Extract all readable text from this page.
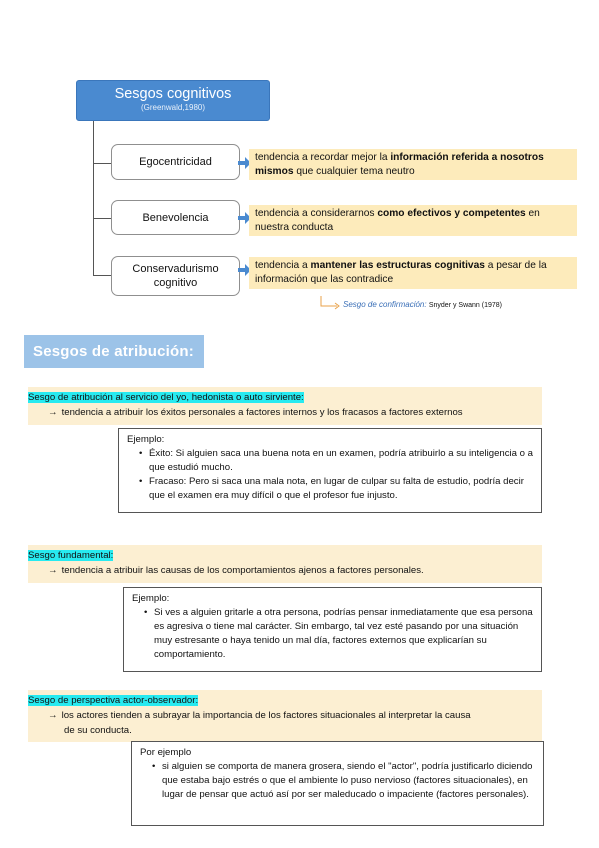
Sesgos cognitivos
(Greenwald,1980)
Egocentricidad	tendencia a recordar mejor la información referida a nosotros mismos que cualquier tema neutro
Benevolencia	tendencia a considerarnos como efectivos y competentes en nuestra conducta
Conservadurismo
cognitivo
tendencia a mantener las estructuras cognitivas a pesar de la información que las contradice
Sesgo de confirmación: Snyder y Swann (1978)
Sesgos de atribución:
Sesgo de atribución al servicio del yo, hedonista o auto sirviente:
→ tendencia a atribuir los éxitos personales a factores internos y los fracasos a factores externos
Ejemplo:
• Éxito: Si alguien saca una buena nota en un examen, podría atribuirlo a su inteligencia o a que estudió mucho.
• Fracaso: Pero si saca una mala nota, en lugar de culpar su falta de estudio, podría decir que el examen era muy difícil o que el profesor fue injusto.
Sesgo fundamental:
→ tendencia a atribuir las causas de los comportamientos ajenos a factores personales.
Ejemplo:
• Si ves a alguien gritarle a otra persona, podrías pensar inmediatamente que esa persona es agresiva o tiene mal carácter. Sin embargo, tal vez esté pasando por una situación muy estresante o haya tenido un mal día, factores externos que explicarían su comportamiento.
Sesgo de perspectiva actor-observador:
→ los actores tienden a subrayar la importancia de los factores situacionales al interpretar la causa
de su conducta.
Por ejemplo
• si alguien se comporta de manera grosera, siendo el "actor", podría justificarlo diciendo que estaba bajo estrés o que el ambiente lo puso nervioso (factores situacionales), en lugar de pensar que actuó así por ser maleducado o impaciente (factores personales).
